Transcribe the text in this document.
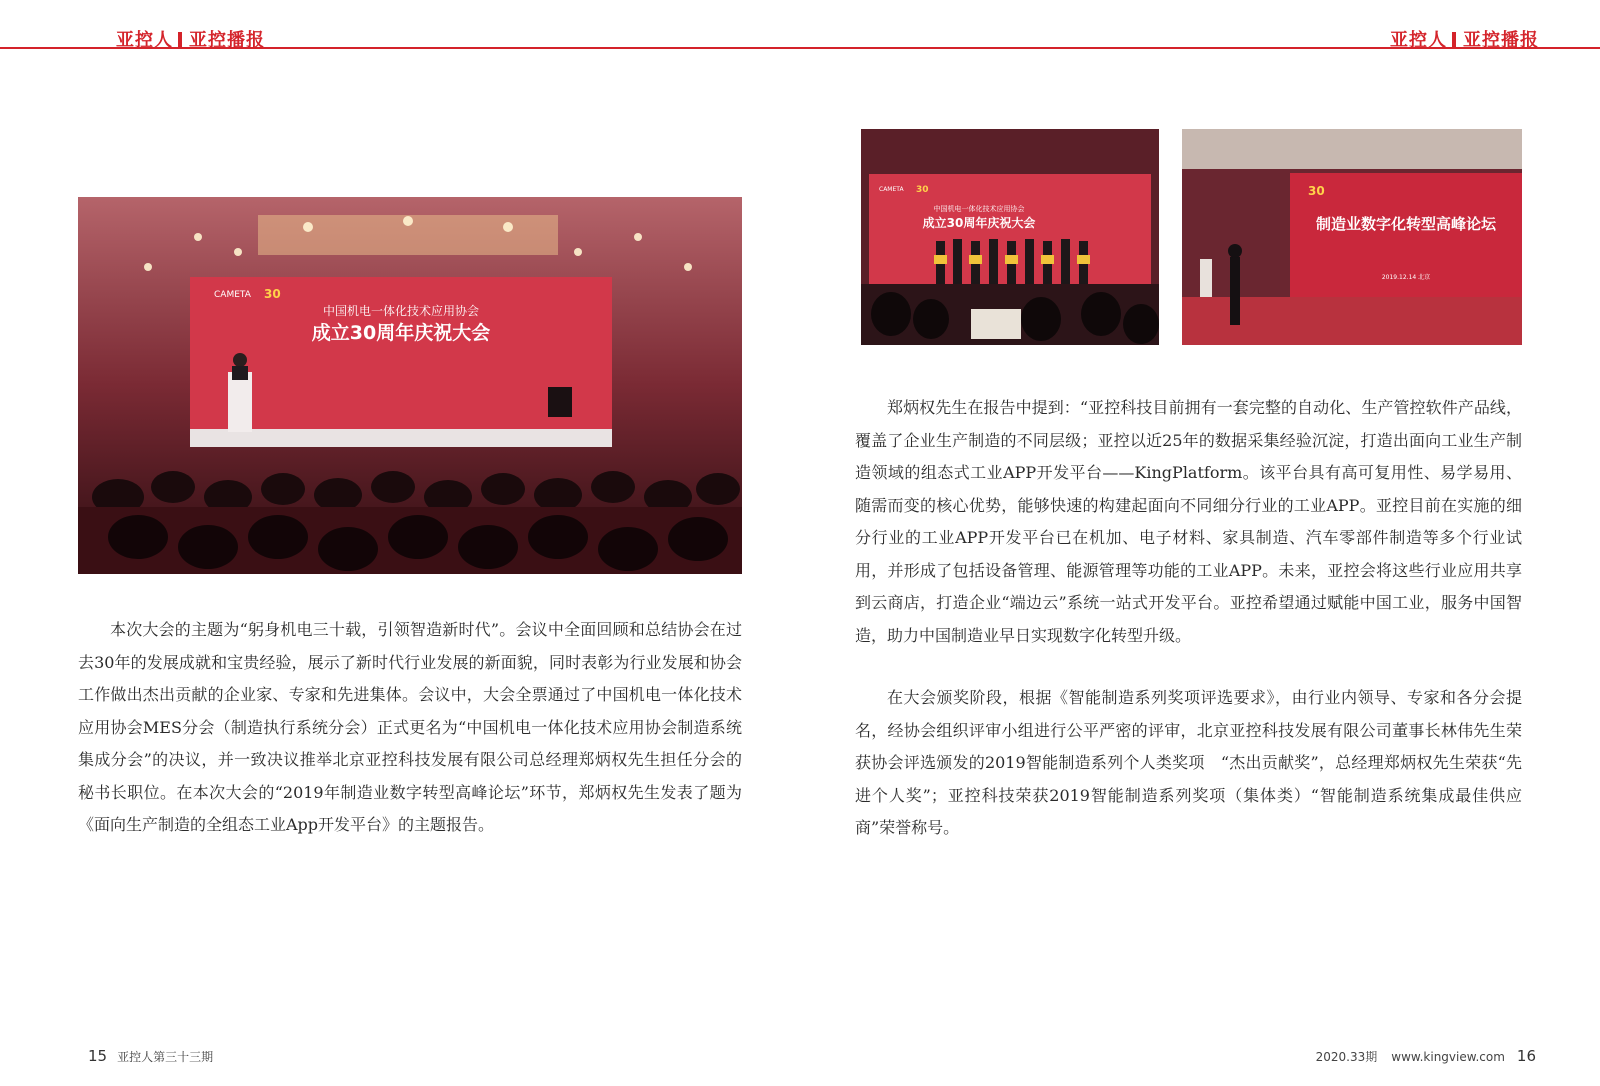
亚控人 亚控播报	亚控人 亚控播报
CAMETA 30
中国机电一体化技术应用协会
成立30周年庆祝大会
CAMETA 30
中国机电一体化技术应用协会
成立30周年庆祝大会
30
制造业数字化转型高峰论坛
2019.12.14 北京

本次大会的主题为“躬身机电三十载，引领智造新时代”。会议中全面回顾和总结协会在过去30年的发展成就和宝贵经验，展示了新时代行业发展的新面貌，同时表彰为行业发展和协会工作做出杰出贡献的企业家、专家和先进集体。会议中，大会全票通过了中国机电一体化技术应用协会MES分会（制造执行系统分会）正式更名为“中国机电一体化技术应用协会制造系统集成分会”的决议，并一致决议推举北京亚控科技发展有限公司总经理郑炳权先生担任分会的秘书长职位。在本次大会的“2019年制造业数字转型高峰论坛”环节，郑炳权先生发表了题为《面向生产制造的全组态工业App开发平台》的主题报告。

郑炳权先生在报告中提到：“亚控科技目前拥有一套完整的自动化、生产管控软件产品线，覆盖了企业生产制造的不同层级；亚控以近25年的数据采集经验沉淀，打造出面向工业生产制造领域的组态式工业APP开发平台——KingPlatform。该平台具有高可复用性、易学易用、随需而变的核心优势，能够快速的构建起面向不同细分行业的工业APP。亚控目前在实施的细分行业的工业APP开发平台已在机加、电子材料、家具制造、汽车零部件制造等多个行业试用，并形成了包括设备管理、能源管理等功能的工业APP。未来，亚控会将这些行业应用共享到云商店，打造企业“端边云”系统一站式开发平台。亚控希望通过赋能中国工业，服务中国智造，助力中国制造业早日实现数字化转型升级。

在大会颁奖阶段，根据《智能制造系列奖项评选要求》，由行业内领导、专家和各分会提名，经协会组织评审小组进行公平严密的评审，北京亚控科技发展有限公司董事长林伟先生荣获协会评选颁发的2019智能制造系列个人类奖项　“杰出贡献奖”，总经理郑炳权先生荣获“先进个人奖”；亚控科技荣获2019智能制造系列奖项（集体类）“智能制造系统集成最佳供应商”荣誉称号。

15 亚控人第三十三期	2020.33期 www.kingview.com 16
